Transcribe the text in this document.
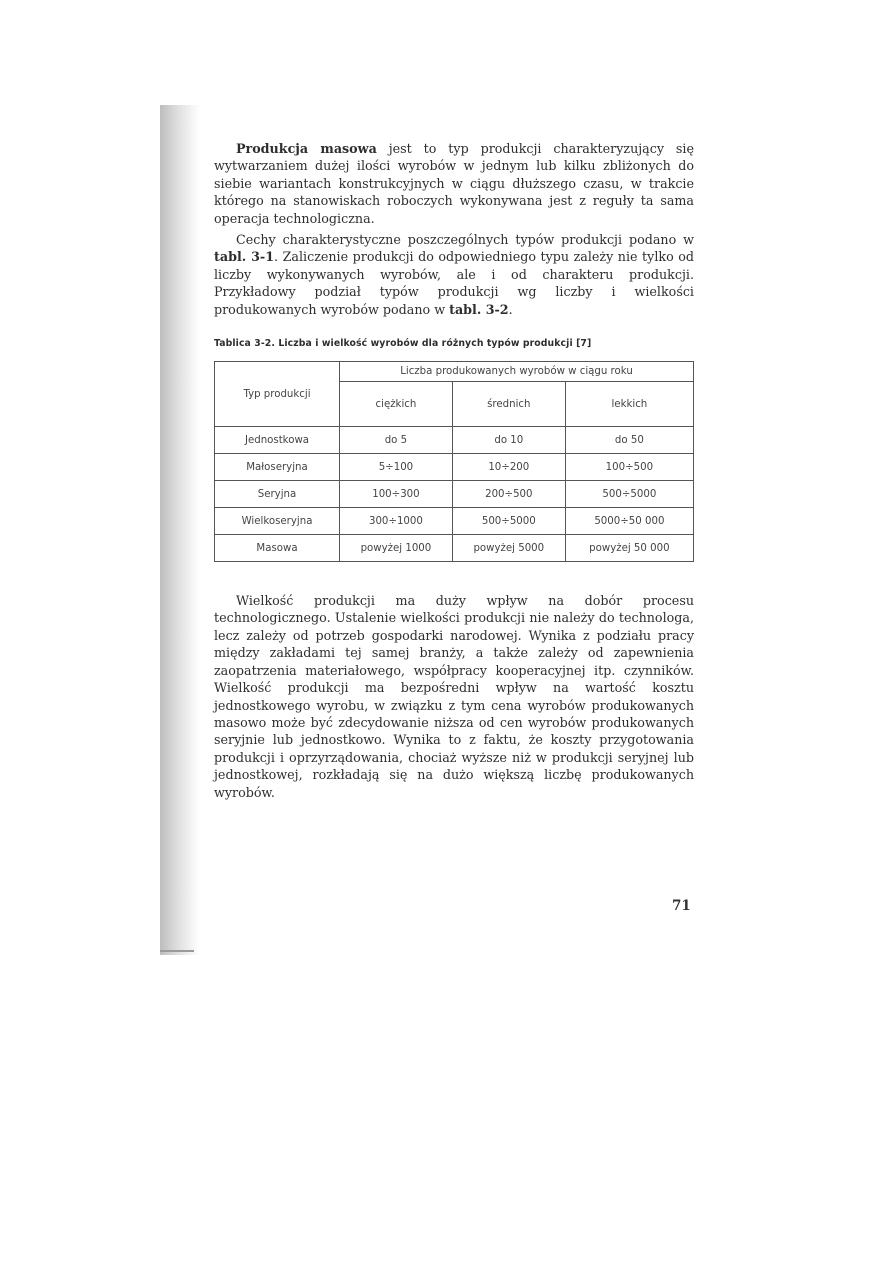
Produkcja masowa jest to typ produkcji charakteryzujący się wytwarzaniem dużej ilości wyrobów w jednym lub kilku zbliżonych do siebie wariantach konstrukcyjnych w ciągu dłuższego czasu, w trakcie którego na stanowiskach roboczych wykonywana jest z reguły ta sama operacja technologiczna.

Cechy charakterystyczne poszczególnych typów produkcji podano w tabl. 3-1. Zaliczenie produkcji do odpowiedniego typu zależy nie tylko od liczby wykonywanych wyrobów, ale i od charakteru produkcji. Przykładowy podział typów produkcji wg liczby i wielkości produkowanych wyrobów podano w tabl. 3-2.

Tablica 3-2. Liczba i wielkość wyrobów dla różnych typów produkcji [7]
Typ produkcji	Liczba produkowanych wyrobów w ciągu roku		
	ciężkich	średnich	lekkich
Jednostkowa	do 5	do 10	do 50
Małoseryjna	5÷100	10÷200	100÷500
Seryjna	100÷300	200÷500	500÷5000
Wielkoseryjna	300÷1000	500÷5000	5000÷50 000
Masowa	powyżej 1000	powyżej 5000	powyżej 50 000

Wielkość produkcji ma duży wpływ na dobór procesu technologicznego. Ustalenie wielkości produkcji nie należy do technologa, lecz zależy od potrzeb gospodarki narodowej. Wynika z podziału pracy między zakładami tej samej branży, a także zależy od zapewnienia zaopatrzenia materiałowego, współpracy kooperacyjnej itp. czynników. Wielkość produkcji ma bezpośredni wpływ na wartość kosztu jednostkowego wyrobu, w związku z tym cena wyrobów produkowanych masowo może być zdecydowanie niższa od cen wyrobów produkowanych seryjnie lub jednostkowo. Wynika to z faktu, że koszty przygotowania produkcji i oprzyrządowania, chociaż wyższe niż w produkcji seryjnej lub jednostkowej, rozkładają się na dużo większą liczbę produkowanych wyrobów.

71
